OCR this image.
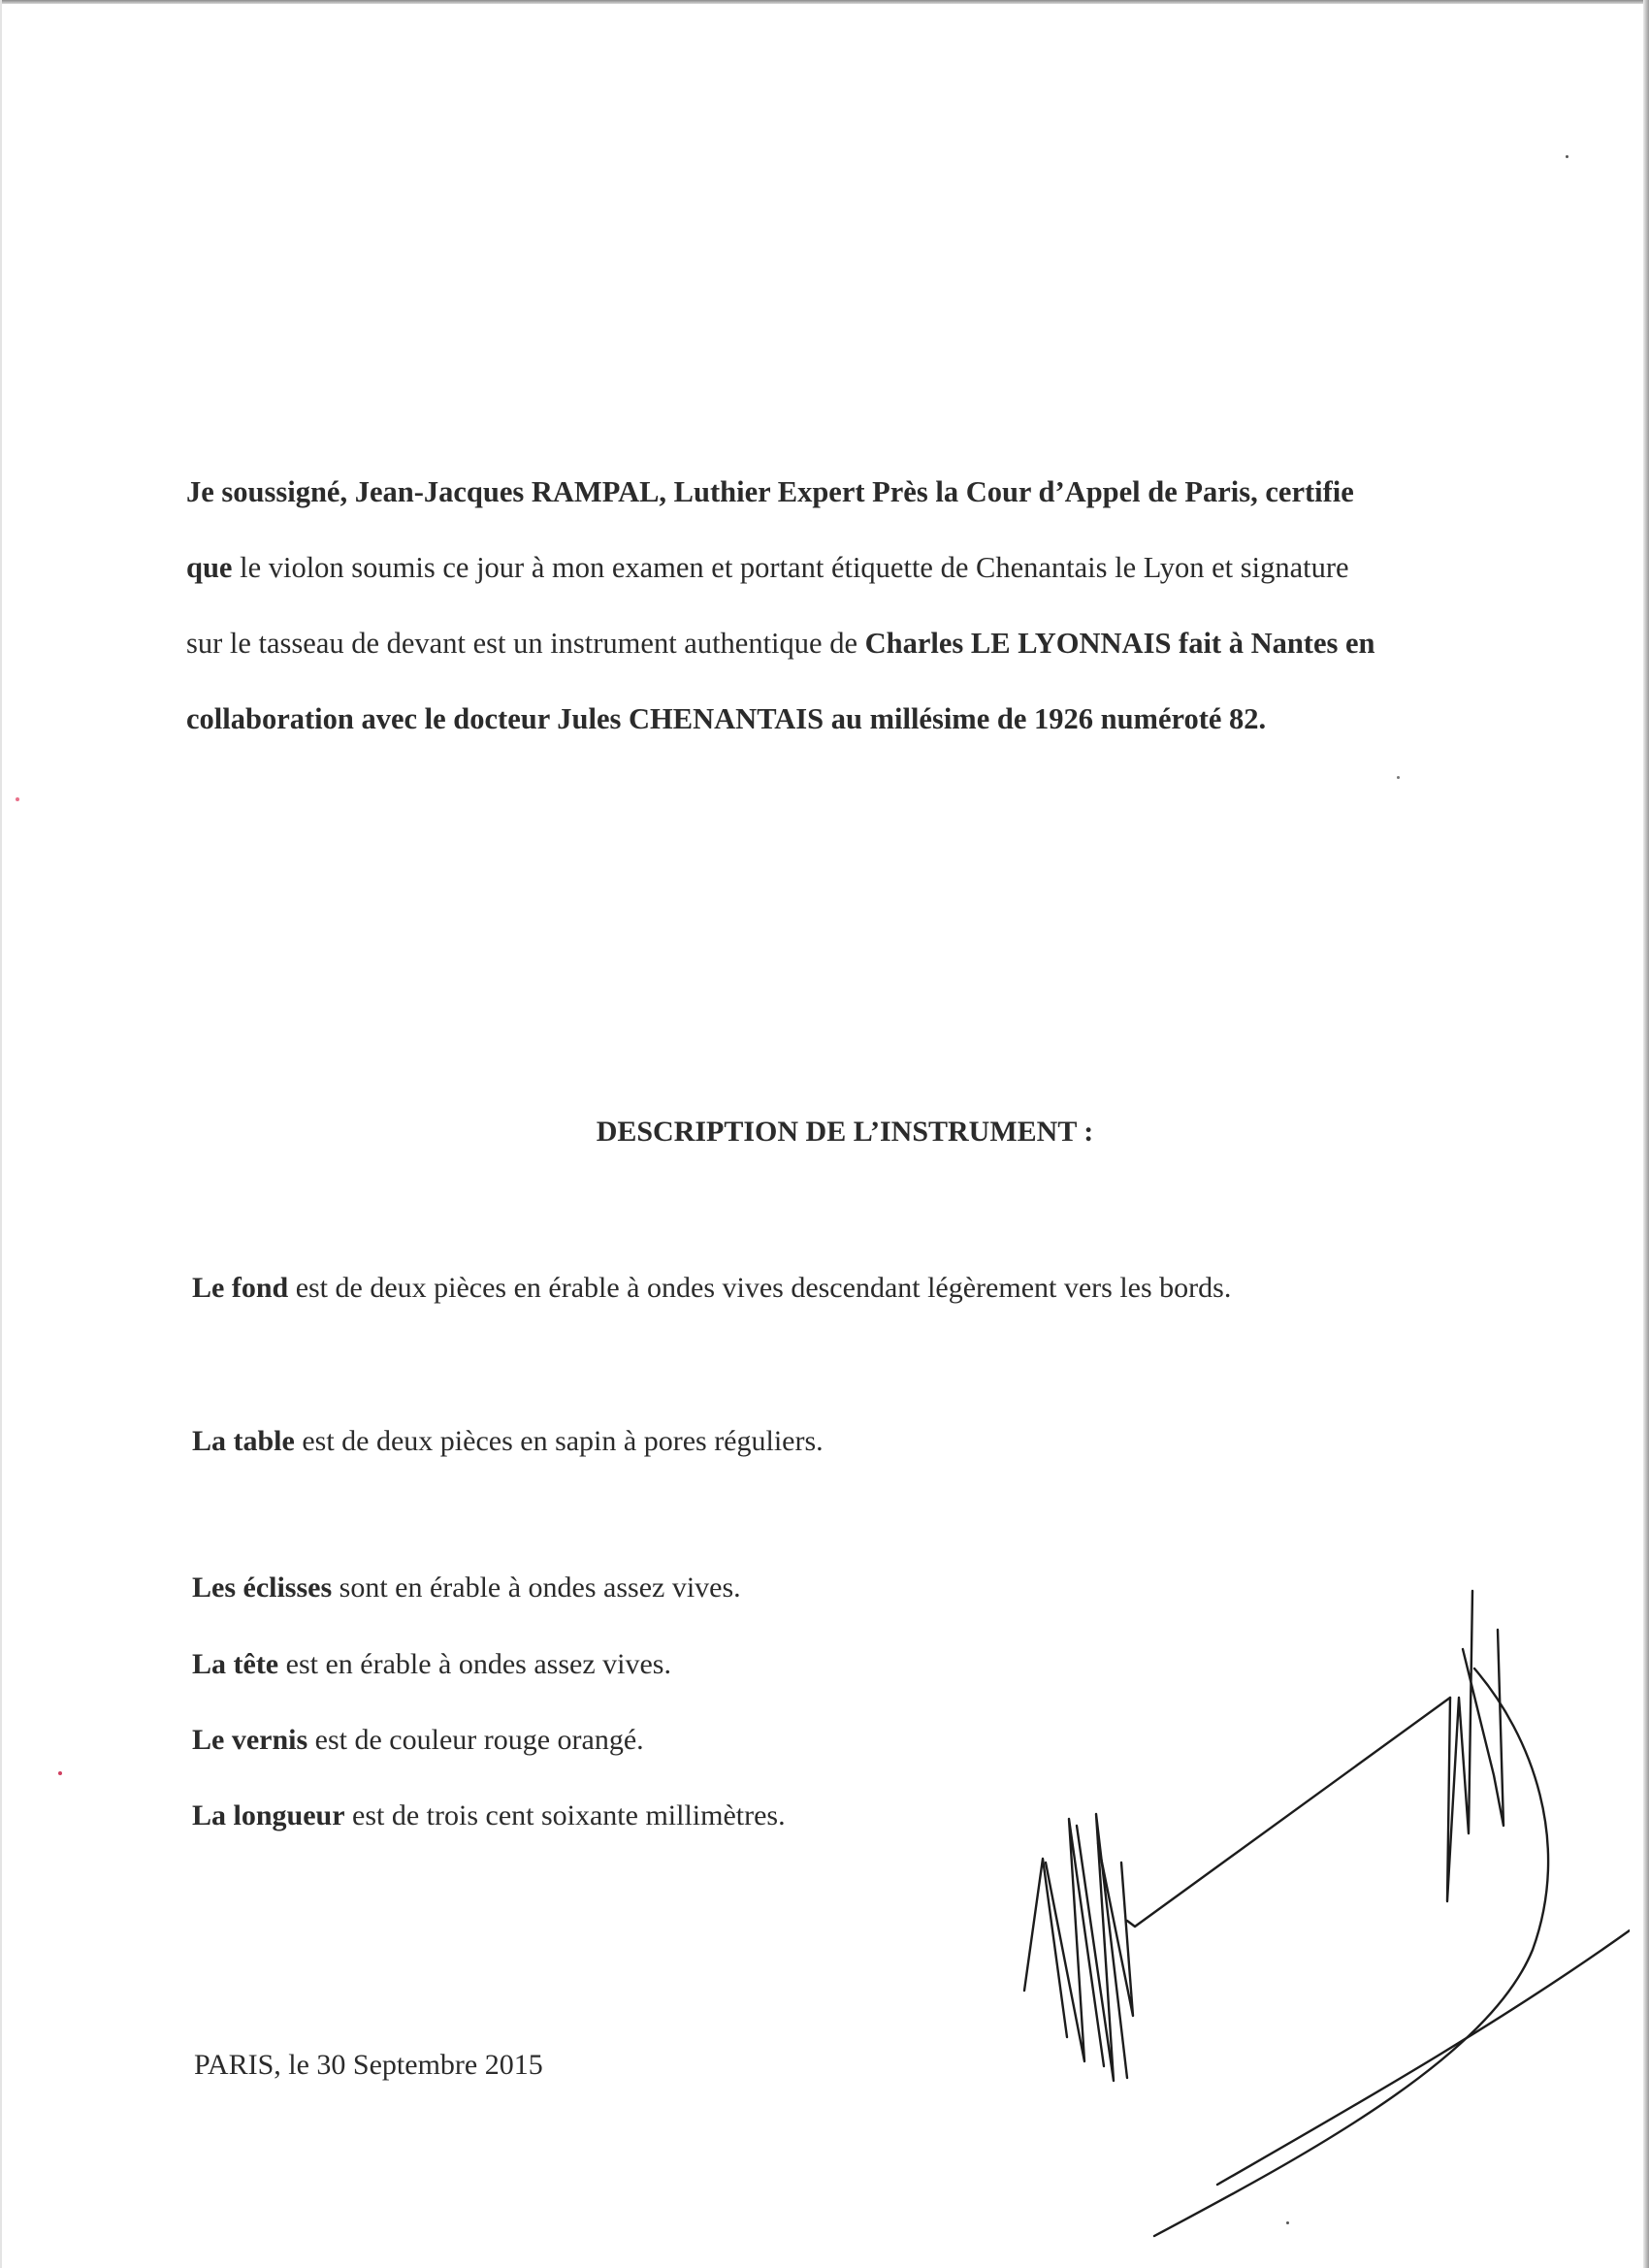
Je soussigné, Jean-Jacques RAMPAL, Luthier Expert Près la Cour d’Appel de Paris, certifie

que le violon soumis ce jour à mon examen et portant étiquette de Chenantais le Lyon et signature

sur le tasseau de devant est un instrument authentique de Charles LE LYONNAIS fait à Nantes en

collaboration avec le docteur Jules CHENANTAIS au millésime de 1926 numéroté 82.

DESCRIPTION DE L’INSTRUMENT :
Le fond est de deux pièces en érable à ondes vives descendant légèrement vers les bords.
La table est de deux pièces en sapin à pores réguliers.
Les éclisses sont en érable à ondes assez vives.
La tête est en érable à ondes assez vives.
Le vernis est de couleur rouge orangé.
La longueur est de trois cent soixante millimètres.
PARIS, le 30 Septembre 2015
